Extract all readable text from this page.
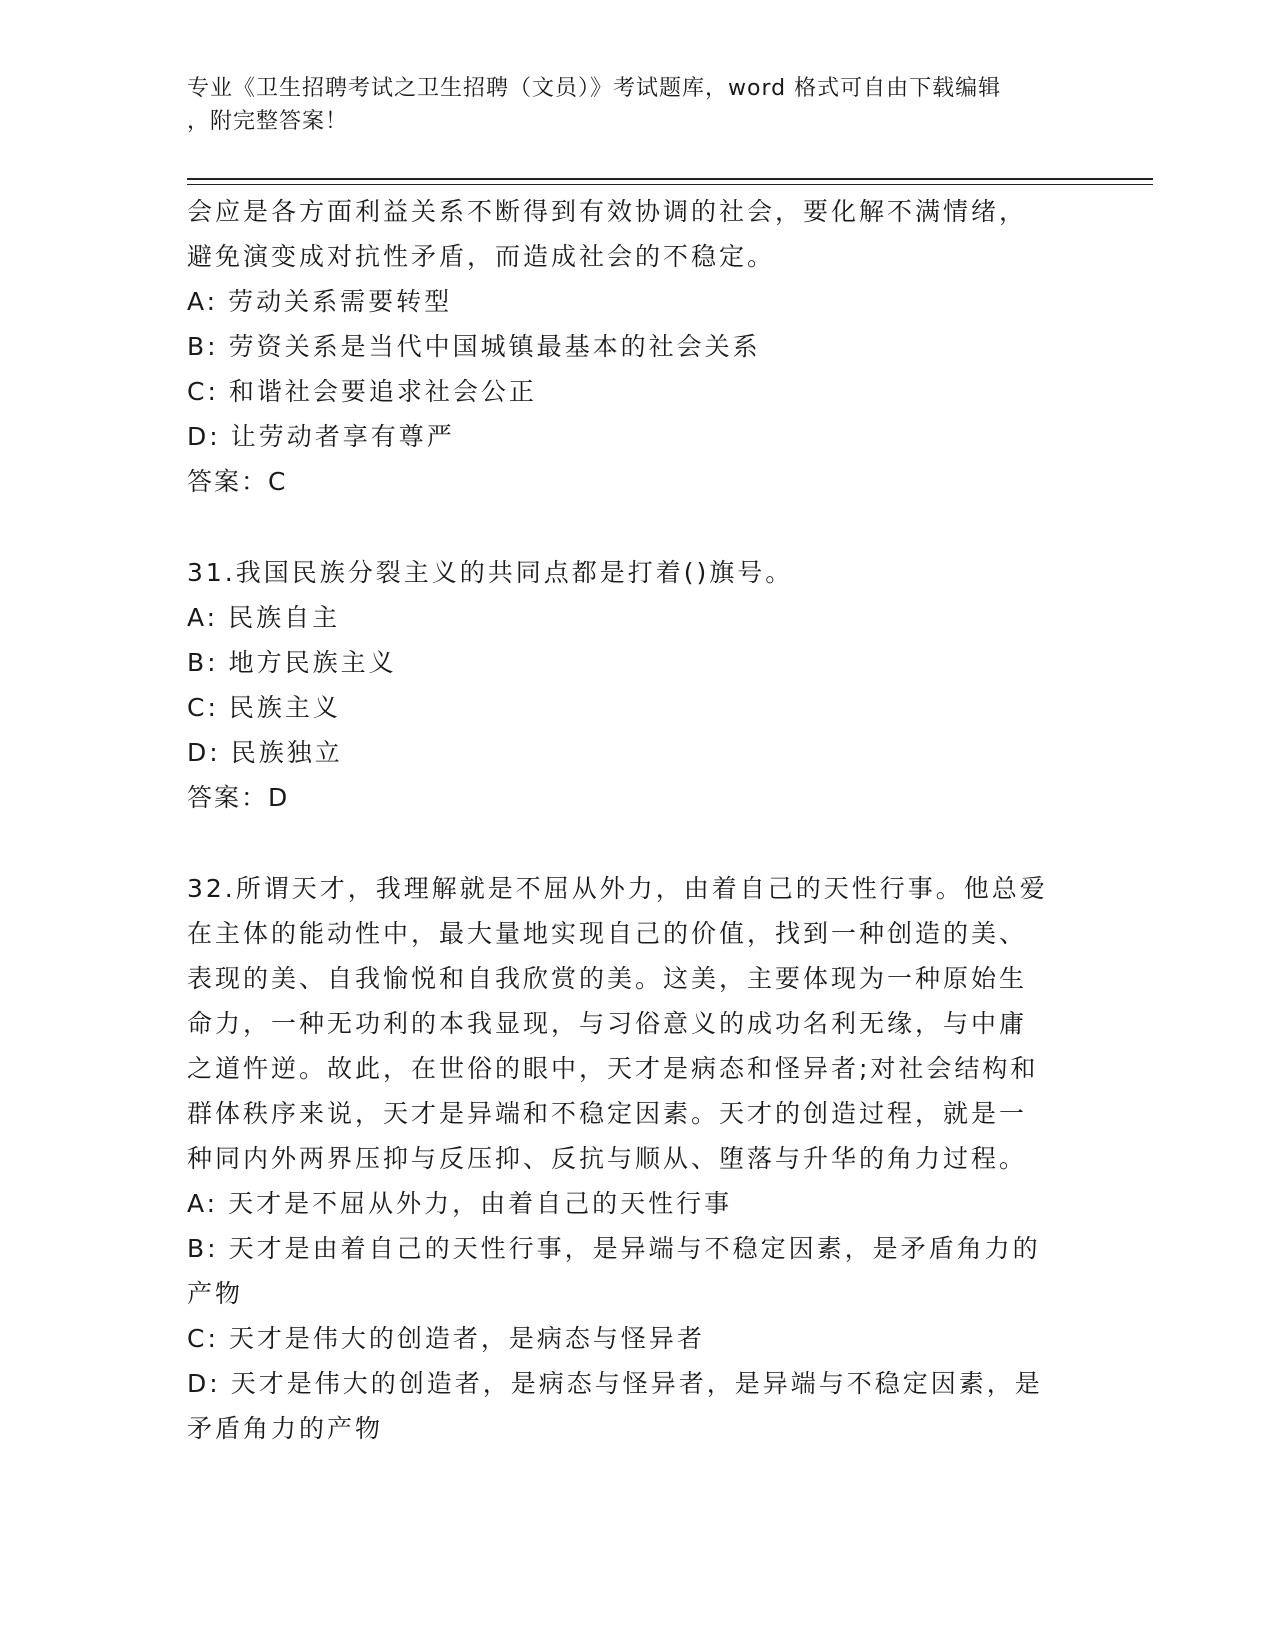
专业《卫生招聘考试之卫生招聘（文员）》考试题库，word 格式可自由下载编辑
，附完整答案！
会应是各方面利益关系不断得到有效协调的社会，要化解不满情绪，
避免演变成对抗性矛盾，而造成社会的不稳定。
A: 劳动关系需要转型
B: 劳资关系是当代中国城镇最基本的社会关系
C: 和谐社会要追求社会公正
D: 让劳动者享有尊严
答案：C
31.我国民族分裂主义的共同点都是打着()旗号。
A: 民族自主
B: 地方民族主义
C: 民族主义
D: 民族独立
答案：D
32.所谓天才，我理解就是不屈从外力，由着自己的天性行事。他总爱
在主体的能动性中，最大量地实现自己的价值，找到一种创造的美、
表现的美、自我愉悦和自我欣赏的美。这美，主要体现为一种原始生
命力，一种无功利的本我显现，与习俗意义的成功名利无缘，与中庸
之道忤逆。故此，在世俗的眼中，天才是病态和怪异者;对社会结构和
群体秩序来说，天才是异端和不稳定因素。天才的创造过程，就是一
种同内外两界压抑与反压抑、反抗与顺从、堕落与升华的角力过程。
A: 天才是不屈从外力，由着自己的天性行事
B: 天才是由着自己的天性行事，是异端与不稳定因素，是矛盾角力的
产物
C: 天才是伟大的创造者，是病态与怪异者
D: 天才是伟大的创造者，是病态与怪异者，是异端与不稳定因素，是
矛盾角力的产物
